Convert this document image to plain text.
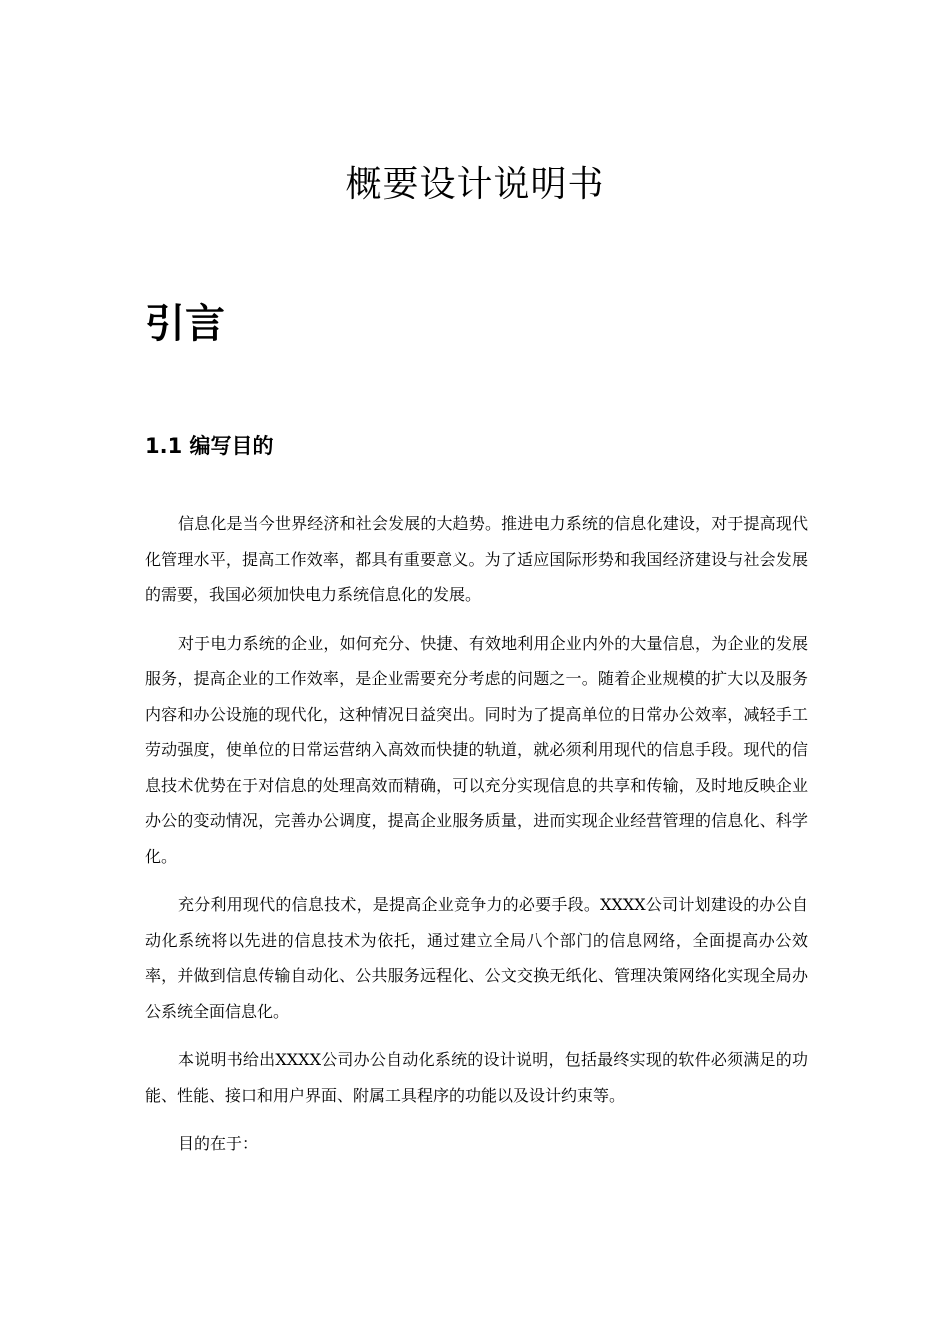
概要设计说明书
引言
1.1 编写目的

信息化是当今世界经济和社会发展的大趋势。推进电力系统的信息化建设，对于提高现代化管理水平，提高工作效率，都具有重要意义。为了适应国际形势和我国经济建设与社会发展的需要，我国必须加快电力系统信息化的发展。

对于电力系统的企业，如何充分、快捷、有效地利用企业内外的大量信息，为企业的发展服务，提高企业的工作效率，是企业需要充分考虑的问题之一。随着企业规模的扩大以及服务内容和办公设施的现代化，这种情况日益突出。同时为了提高单位的日常办公效率，减轻手工劳动强度，使单位的日常运营纳入高效而快捷的轨道，就必须利用现代的信息手段。现代的信息技术优势在于对信息的处理高效而精确，可以充分实现信息的共享和传输，及时地反映企业办公的变动情况，完善办公调度，提高企业服务质量，进而实现企业经营管理的信息化、科学化。

充分利用现代的信息技术，是提高企业竞争力的必要手段。XXXX公司计划建设的办公自动化系统将以先进的信息技术为依托，通过建立全局八个部门的信息网络，全面提高办公效率，并做到信息传输自动化、公共服务远程化、公文交换无纸化、管理决策网络化实现全局办公系统全面信息化。

本说明书给出XXXX公司办公自动化系统的设计说明，包括最终实现的软件必须满足的功能、性能、接口和用户界面、附属工具程序的功能以及设计约束等。

目的在于：
